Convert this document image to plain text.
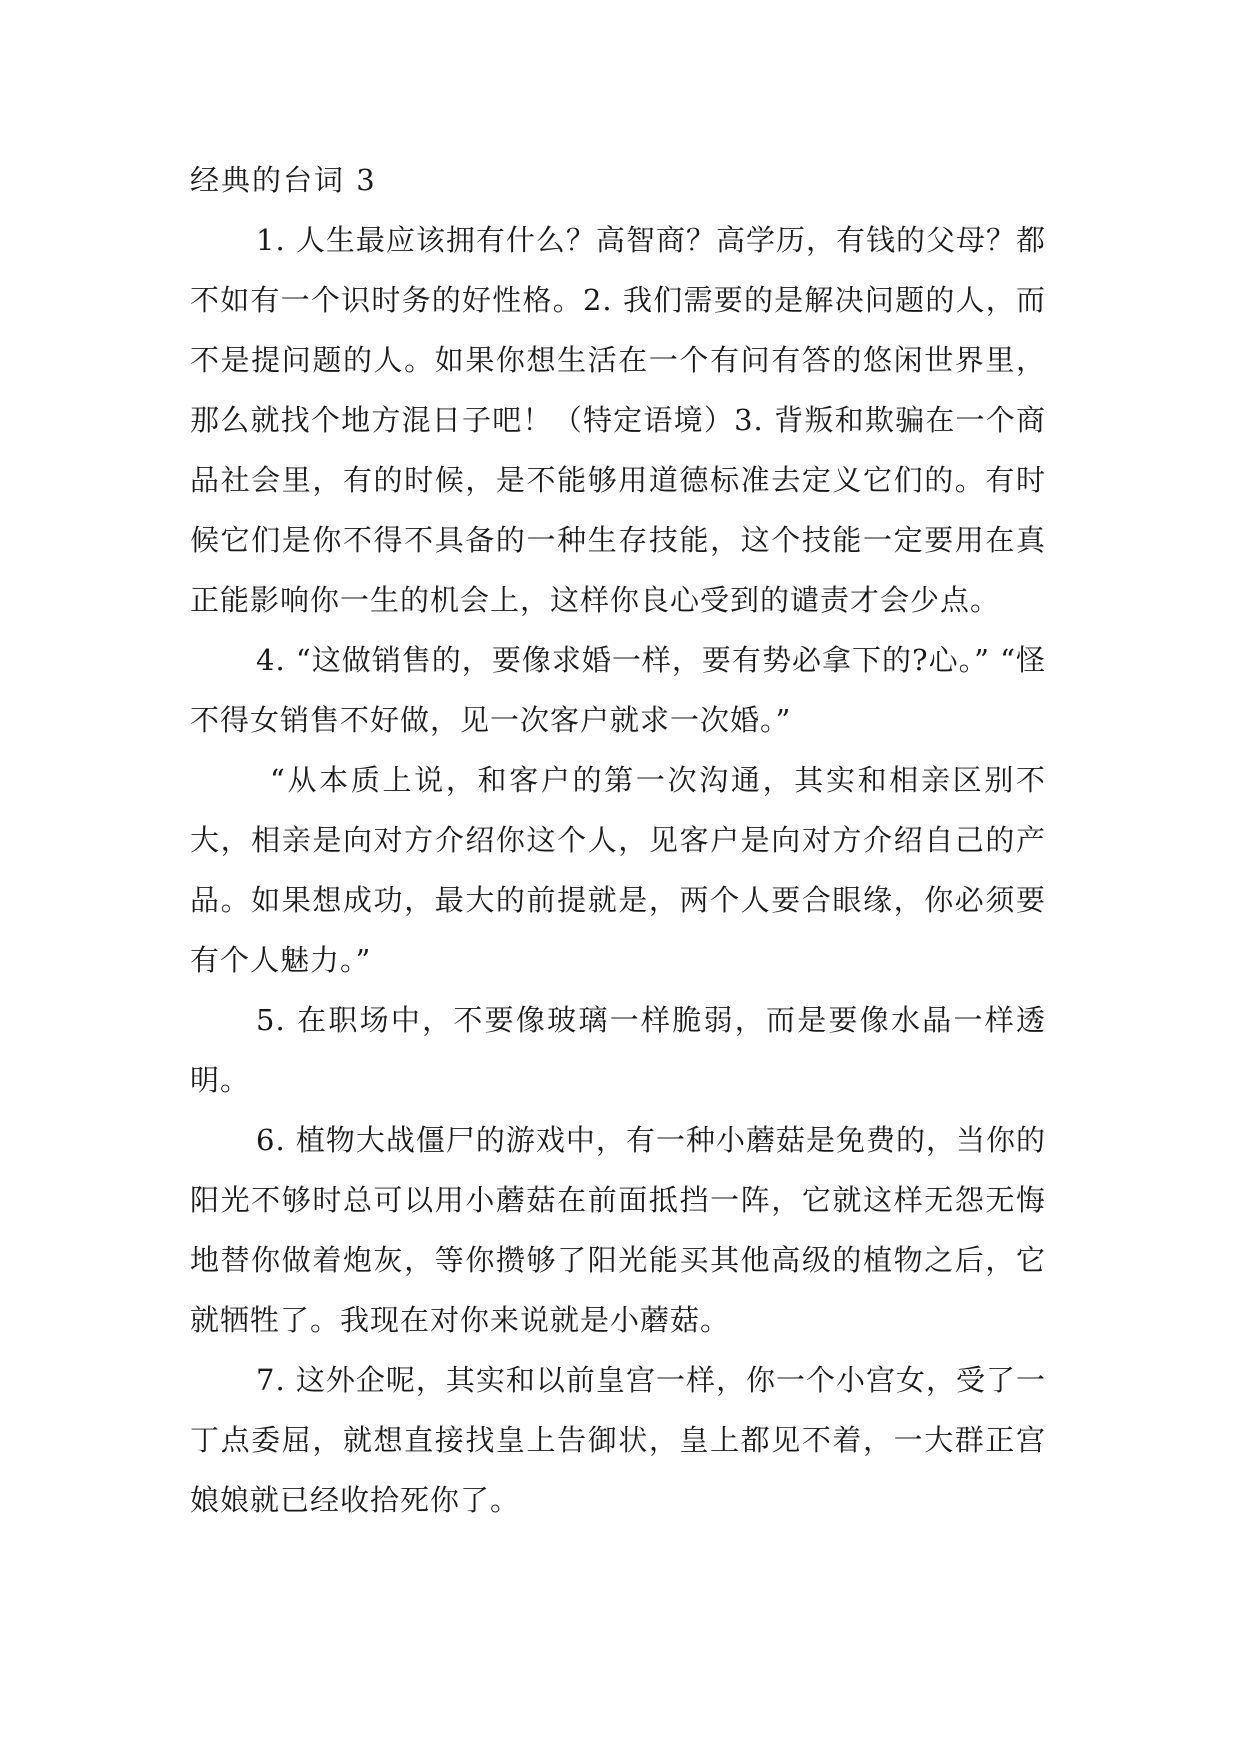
经典的台词 3

1. 人生最应该拥有什么？高智商？高学历，有钱的父母？都不如有一个识时务的好性格。2. 我们需要的是解决问题的人，而不是提问题的人。如果你想生活在一个有问有答的悠闲世界里，那么就找个地方混日子吧！（特定语境）3. 背叛和欺骗在一个商品社会里，有的时候，是不能够用道德标准去定义它们的。有时候它们是你不得不具备的一种生存技能，这个技能一定要用在真正能影响你一生的机会上，这样你良心受到的谴责才会少点。

4. “这做销售的，要像求婚一样，要有势必拿下的?心。” “怪不得女销售不好做，见一次客户就求一次婚。”

“从本质上说，和客户的第一次沟通，其实和相亲区别不大，相亲是向对方介绍你这个人，见客户是向对方介绍自己的产品。如果想成功，最大的前提就是，两个人要合眼缘，你必须要有个人魅力。”

5. 在职场中，不要像玻璃一样脆弱，而是要像水晶一样透明。

6. 植物大战僵尸的游戏中，有一种小蘑菇是免费的，当你的阳光不够时总可以用小蘑菇在前面抵挡一阵，它就这样无怨无悔地替你做着炮灰，等你攒够了阳光能买其他高级的植物之后，它就牺牲了。我现在对你来说就是小蘑菇。

7. 这外企呢，其实和以前皇宫一样，你一个小宫女，受了一丁点委屈，就想直接找皇上告御状，皇上都见不着，一大群正宫娘娘就已经收拾死你了。
